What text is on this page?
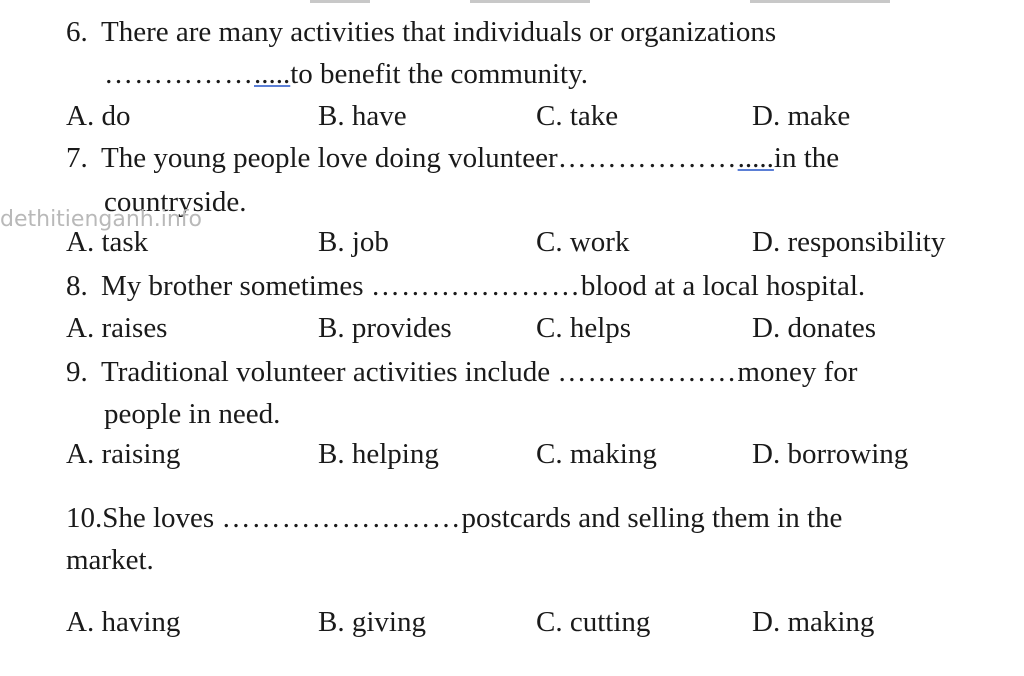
6. There are many activities that individuals or organizations
…………….....to benefit the community.
A. do	B. have	C. take	D. make
7. The young people love doing volunteer……………….....in the
countryside.
A. task	B. job	C. work	D. responsibility
dethitienganh.info
8. My brother sometimes …………………blood at a local hospital.
A. raises	B. provides	C. helps	D. donates
9. Traditional volunteer activities include ………………money for
people in need.
A. raising	B. helping	C. making	D. borrowing
10.She loves ……………………postcards and selling them in the
market.
A. having	B. giving	C. cutting	D. making
